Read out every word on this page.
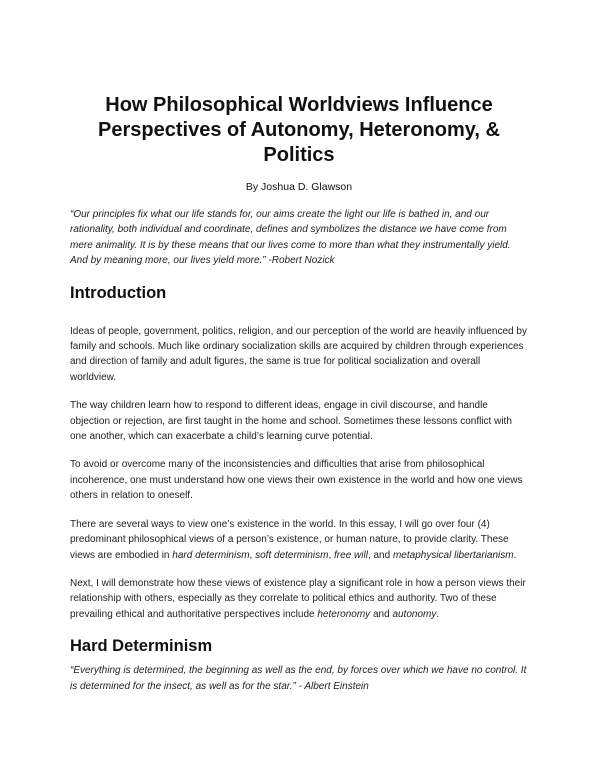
How Philosophical Worldviews Influence Perspectives of Autonomy, Heteronomy, & Politics
By Joshua D. Glawson

“Our principles fix what our life stands for, our aims create the light our life is bathed in, and our rationality, both individual and coordinate, defines and symbolizes the distance we have come from mere animality. It is by these means that our lives come to more than what they instrumentally yield. And by meaning more, our lives yield more.” -Robert Nozick

Introduction

Ideas of people, government, politics, religion, and our perception of the world are heavily influenced by family and schools. Much like ordinary socialization skills are acquired by children through experiences and direction of family and adult figures, the same is true for political socialization and overall worldview.

The way children learn how to respond to different ideas, engage in civil discourse, and handle objection or rejection, are first taught in the home and school. Sometimes these lessons conflict with one another, which can exacerbate a child’s learning curve potential.

To avoid or overcome many of the inconsistencies and difficulties that arise from philosophical incoherence, one must understand how one views their own existence in the world and how one views others in relation to oneself.

There are several ways to view one’s existence in the world. In this essay, I will go over four (4) predominant philosophical views of a person’s existence, or human nature, to provide clarity. These views are embodied in hard determinism, soft determinism, free will, and metaphysical libertarianism.

Next, I will demonstrate how these views of existence play a significant role in how a person views their relationship with others, especially as they correlate to political ethics and authority. Two of these prevailing ethical and authoritative perspectives include heteronomy and autonomy.

Hard Determinism

“Everything is determined, the beginning as well as the end, by forces over which we have no control. It is determined for the insect, as well as for the star.” - Albert Einstein
